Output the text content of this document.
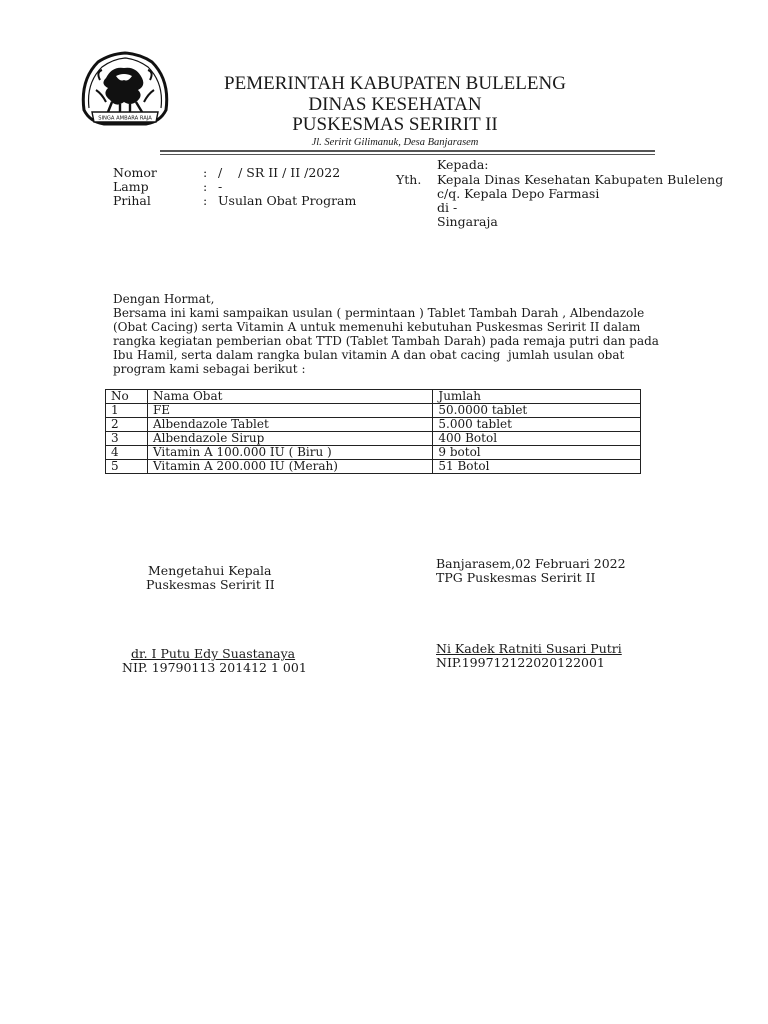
SINGA AMBARA RAJA
PEMERINTAH KABUPATEN BULELENG
DINAS KESEHATAN
PUSKESMAS SERIRIT II
Jl. Seririt Gilimanuk, Desa Banjarasem
Nomor	: /    / SR II / II /2022
Lamp	: -
Prihal	: Usulan Obat Program
Kepada:
Yth. Kepala Dinas Kesehatan Kabupaten Buleleng
c/q. Kepala Depo Farmasi
di -
Singaraja
Dengan Hormat,
Bersama ini kami sampaikan usulan ( permintaan ) Tablet Tambah Darah , Albendazole
(Obat Cacing) serta Vitamin A untuk memenuhi kebutuhan Puskesmas Seririt II dalam
rangka kegiatan pemberian obat TTD (Tablet Tambah Darah) pada remaja putri dan pada
Ibu Hamil, serta dalam rangka bulan vitamin A dan obat cacing  jumlah usulan obat
program kami sebagai berikut :
No	Nama Obat	Jumlah
1	FE	50.0000 tablet
2	Albendazole Tablet	5.000 tablet
3	Albendazole Sirup	400 Botol
4	Vitamin A 100.000 IU ( Biru )	9 botol
5	Vitamin A 200.000 IU (Merah)	51 Botol
Mengetahui Kepala
Puskesmas Seririt II
dr. I Putu Edy Suastanaya
NIP. 19790113 201412 1 001
Banjarasem,02 Februari 2022
TPG Puskesmas Seririt II
Ni Kadek Ratniti Susari Putri
NIP.199712122020122001
